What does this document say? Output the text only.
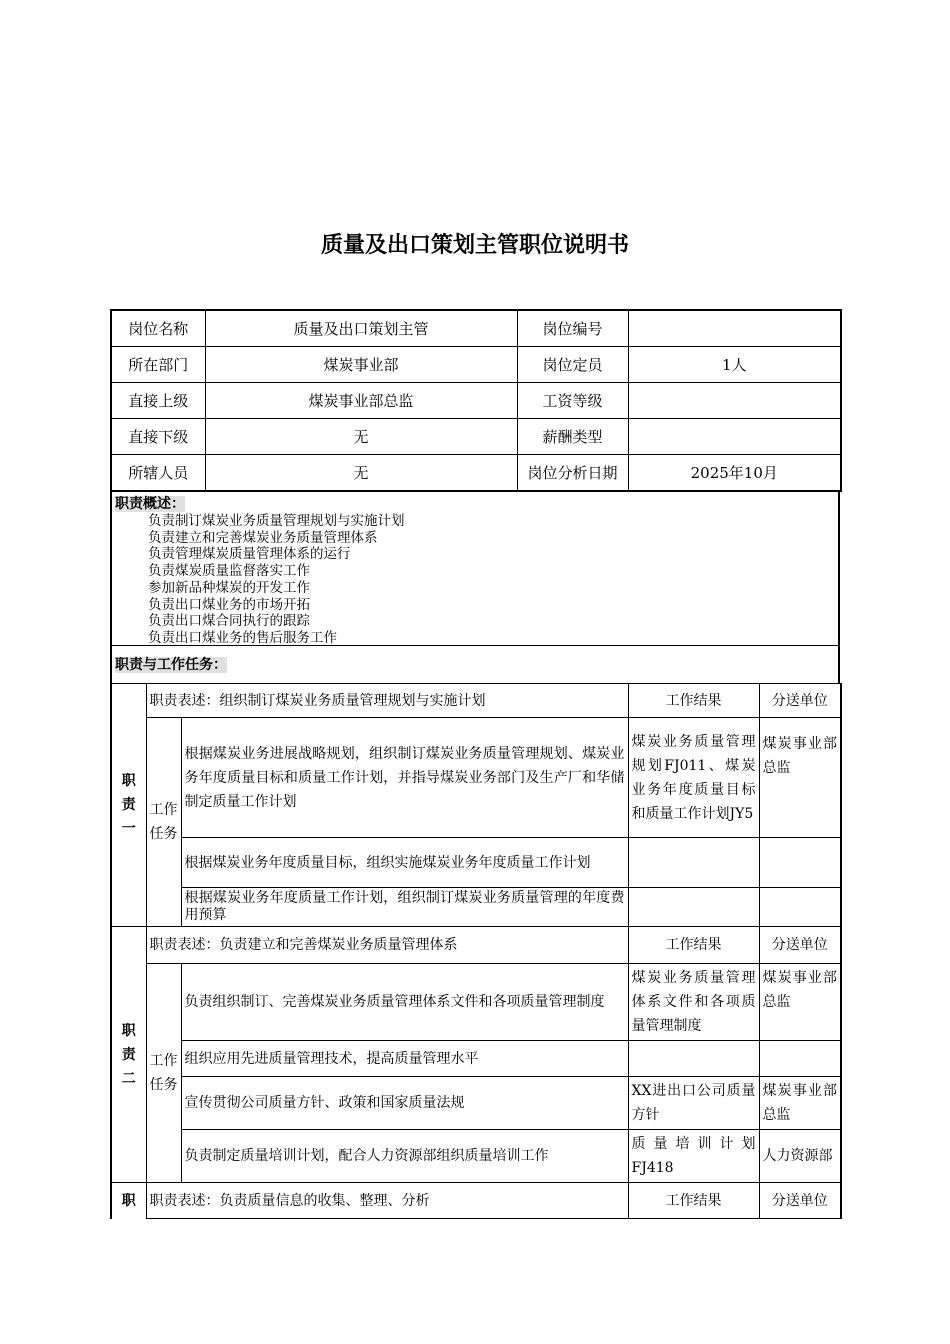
质量及出口策划主管职位说明书
岗位名称	质量及出口策划主管	岗位编号	
所在部门	煤炭事业部	岗位定员	1人
直接上级	煤炭事业部总监	工资等级	
直接下级	无	薪酬类型	
所辖人员	无	岗位分析日期	2025年10月
职责概述：
负责制订煤炭业务质量管理规划与实施计划
负责建立和完善煤炭业务质量管理体系
负责管理煤炭质量管理体系的运行
负责煤炭质量监督落实工作
参加新品种煤炭的开发工作
负责出口煤业务的市场开拓
负责出口煤合同执行的跟踪
负责出口煤业务的售后服务工作
职责与工作任务：
职责一	职责表述：组织制订煤炭业务质量管理规划与实施计划		工作结果	分送单位
	工作任务	根据煤炭业务进展战略规划，组织制订煤炭业务质量管理规划、煤炭业务年度质量目标和质量工作计划，并指导煤炭业务部门及生产厂和华储制定质量工作计划	煤炭业务质量管理规划FJ011、煤炭业务年度质量目标和质量工作计划JY5	煤炭事业部总监
		根据煤炭业务年度质量目标，组织实施煤炭业务年度质量工作计划		
		根据煤炭业务年度质量工作计划，组织制订煤炭业务质量管理的年度费用预算		
职责二	职责表述：负责建立和完善煤炭业务质量管理体系		工作结果	分送单位
	工作任务	负责组织制订、完善煤炭业务质量管理体系文件和各项质量管理制度	煤炭业务质量管理体系文件和各项质量管理制度	煤炭事业部总监
		组织应用先进质量管理技术，提高质量管理水平		
		宣传贯彻公司质量方针、政策和国家质量法规	XX进出口公司质量方针	煤炭事业部总监
		负责制定质量培训计划，配合人力资源部组织质量培训工作	质量培训计划FJ418	人力资源部
职	职责表述：负责质量信息的收集、整理、分析		工作结果	分送单位
